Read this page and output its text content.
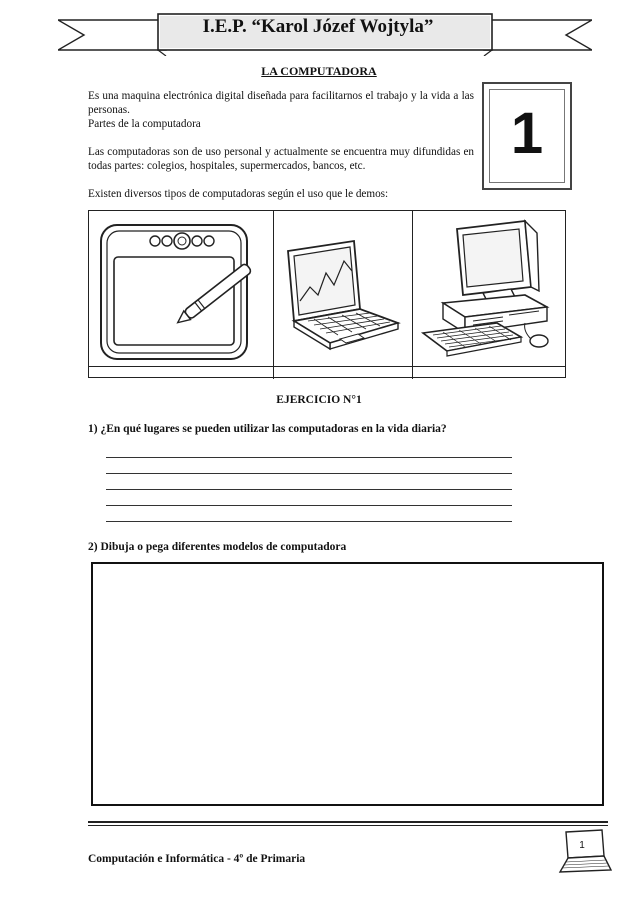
I.E.P. “Karol Józef Wojtyla”
LA COMPUTADORA
Es una maquina electrónica digital diseñada para facilitarnos el trabajo y la vida a las personas.
Partes de la computadora
Las computadoras son de uso personal y actualmente se encuentra muy difundidas en todas partes: colegios, hospitales, supermercados, bancos, etc.
Existen diversos tipos de computadoras según el uso que le demos:
1
EJERCICIO N°1
1) ¿En qué lugares se pueden utilizar las computadoras en la vida diaria?
2) Dibuja o pega diferentes modelos de computadora
Computación e Informática - 4º de Primaria
1
